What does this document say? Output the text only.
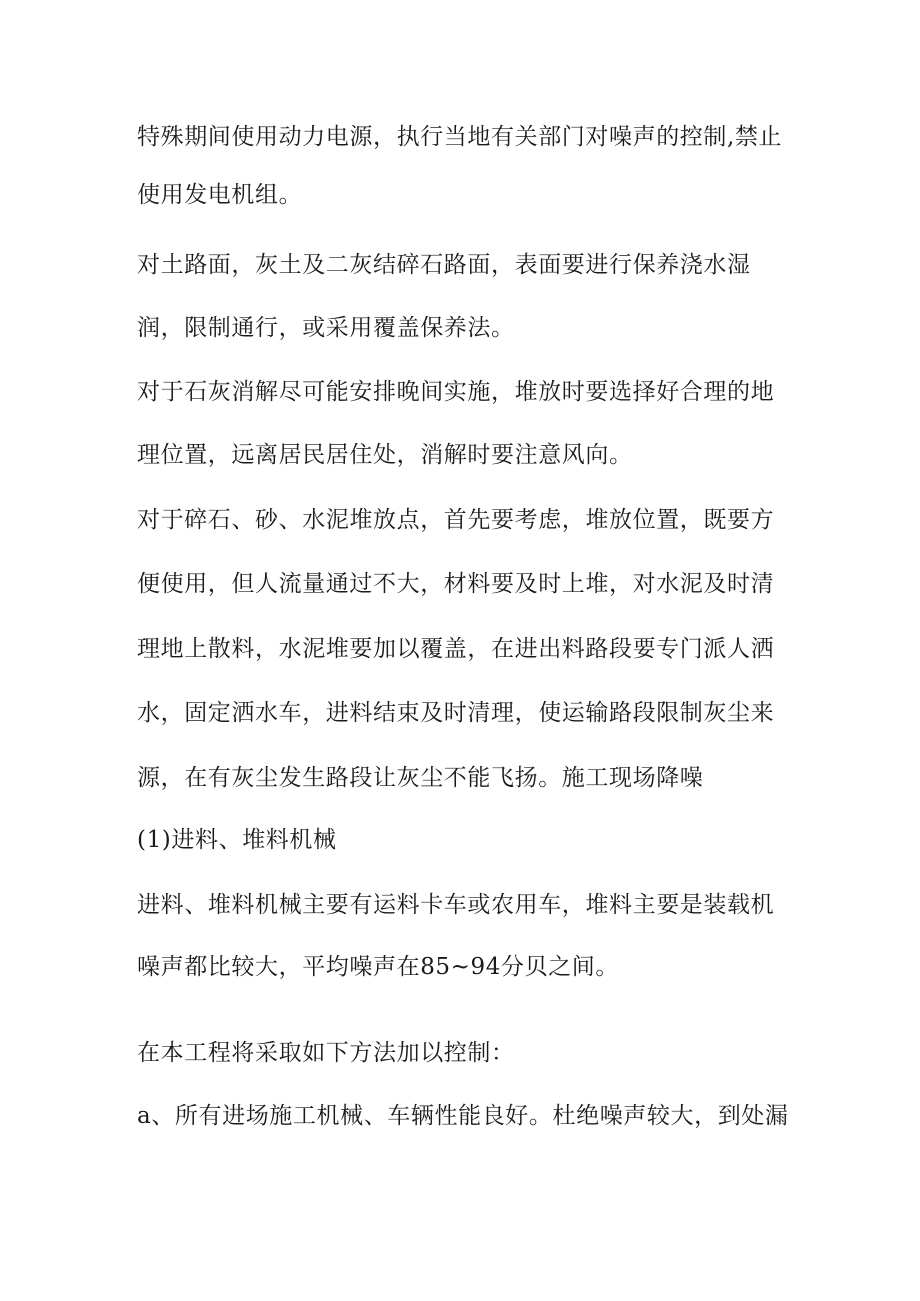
特殊期间使用动力电源，执行当地有关部门对噪声的控制,禁止
使用发电机组。
对土路面，灰土及二灰结碎石路面，表面要进行保养浇水湿
润，限制通行，或采用覆盖保养法。
对于石灰消解尽可能安排晚间实施，堆放时要选择好合理的地
理位置，远离居民居住处，消解时要注意风向。
对于碎石、砂、水泥堆放点，首先要考虑，堆放位置，既要方
便使用，但人流量通过不大，材料要及时上堆，对水泥及时清
理地上散料，水泥堆要加以覆盖，在进出料路段要专门派人洒
水，固定洒水车，进料结束及时清理，使运输路段限制灰尘来
源，在有灰尘发生路段让灰尘不能飞扬。施工现场降噪
(1)进料、堆料机械
进料、堆料机械主要有运料卡车或农用车，堆料主要是装载机
噪声都比较大，平均噪声在85~94分贝之间。
在本工程将采取如下方法加以控制：
a、所有进场施工机械、车辆性能良好。杜绝噪声较大，到处漏
